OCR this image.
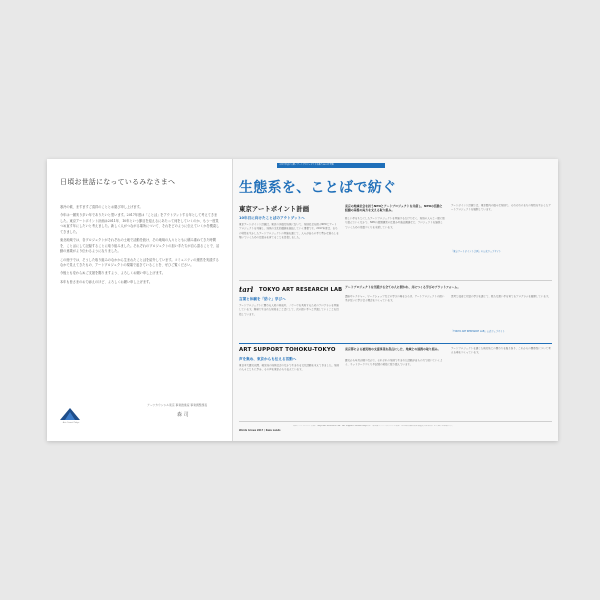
日頃お世話になっているみなさまへ

寒冷の候、ますますご清祥のこととお慶び申し上げます。

今年は一層実り多い年でありたいと思います。2017年度は「ことば」をアウトプットする年として考えてきました。東京アートポイント計画は2011年、10年という節目を迎えるにあたって何をしていくのか、もう一度見つめ直す年にしたいと考えました。新しく人がつながる場所について、それをどのように伝えていくかを模索してきました。

東北地域では、各プロジェクトがそれぞれの土地で活動を続け、その地域の人々とともに積み重ねてきた時間を、ことばにして記録することに取り組みました。それぞれのプロジェクトの担い手たちが自ら語ることで、活動の意義がより伝わるようになりました。

この冊子では、そうした取り組みのなかから生まれたことばを紹介しています。コミュニティの運営を実践するなかで見えてきたもの、アートプロジェクトの現場で起きていることを、ぜひご覧ください。

今後とも変わらぬご支援を賜りますよう、よろしくお願い申し上げます。

本年も皆さまのお力添えのほど、よろしくお願い申し上げます。

Arts Council Tokyo
アーツカウンシル東京 事業推進室 事業調整課長
森 司
文化で社会に貢献 / アートプロジェクト年次報告2017年度版
生態系を、ことばで紡ぐ
東京アートポイント計画
10年目に向けたことばのアウトプットへ
東京アートポイント計画は、東京の多様な地域において、地域社会を担うNPOとアートプロジェクトを共催し、地域の文化的価値を創出していく事業です。2017年度は、まちの特性を生かしたアートプロジェクトの実施を通じて、人々が自らの手で豊かな暮らしを築いていくための仕組みを育てることを目指しました。
東京の地域社会を担うNPOとアートプロジェクトを共催し、NPOの活動と組織の基盤の両方を支える取り組み。
新しい手をもとにしたアートプロジェクトを実施するだけでなく、地域の人々と一緒に取り組んでいくなかで、NPOの組織運営の仕組みや資金調達など、プロジェクトを継続していくための基盤づくりを支援しています。
アートポイント計画では、東京都内の様々な地域で、それぞれのまちの特性を生かしたアートプロジェクトを展開しています。
「東京アートポイント計画」の公式ウェブサイト
tarl TOKYO ART RESEARCH LAB
言葉と体験を「紡ぐ」学びへ
アートプロジェクトに関わる人材の育成や、ノウハウを共有するためのプログラムを実施しています。現場で生まれた知見をことばにして、次の担い手へと手渡していくことを目指しています。
アートプロジェクトを実践する全ての人に開かれ、共につくる学びのプラットフォーム。
講座やレクチャー、ワークショップなどの学びの場をひらき、アートプロジェクトの担い手が互いに学び合う機会をつくっています。
思考と技術と対話の学びを通じて、新たな担い手を育てるプログラムを展開しています。
「TOKYO ART RESEARCH LAB」公式ウェブサイト
ART SUPPORT TOHOKU-TOKYO
声を集め、東京からも伝える活動へ
東日本大震災以降、被災地の地域社会のなかで生まれる文化活動を支えてきました。地域の人々とともに歩み、その声を東京からも伝えています。
東京都による被災地の支援事業を起点にした、地域との連携の取り組み。
震災から年月が経つなかで、それぞれの地域で生まれた活動が自らの力で続いていくよう、ネットワークづくりや記録の発信に取り組んでいます。
アートプロジェクトを通じた被災地との関わりを振り返り、これからの関係性について考える場をつくっています。
Words Grows 2017 / Kazu Lands
東京アートポイント計画、Tokyo Art Research Lab、Art Support Tohoku-Tokyo は、東京都とアーツカウンシル東京（公益財団法人東京都歴史文化財団）が実施する事業です。
